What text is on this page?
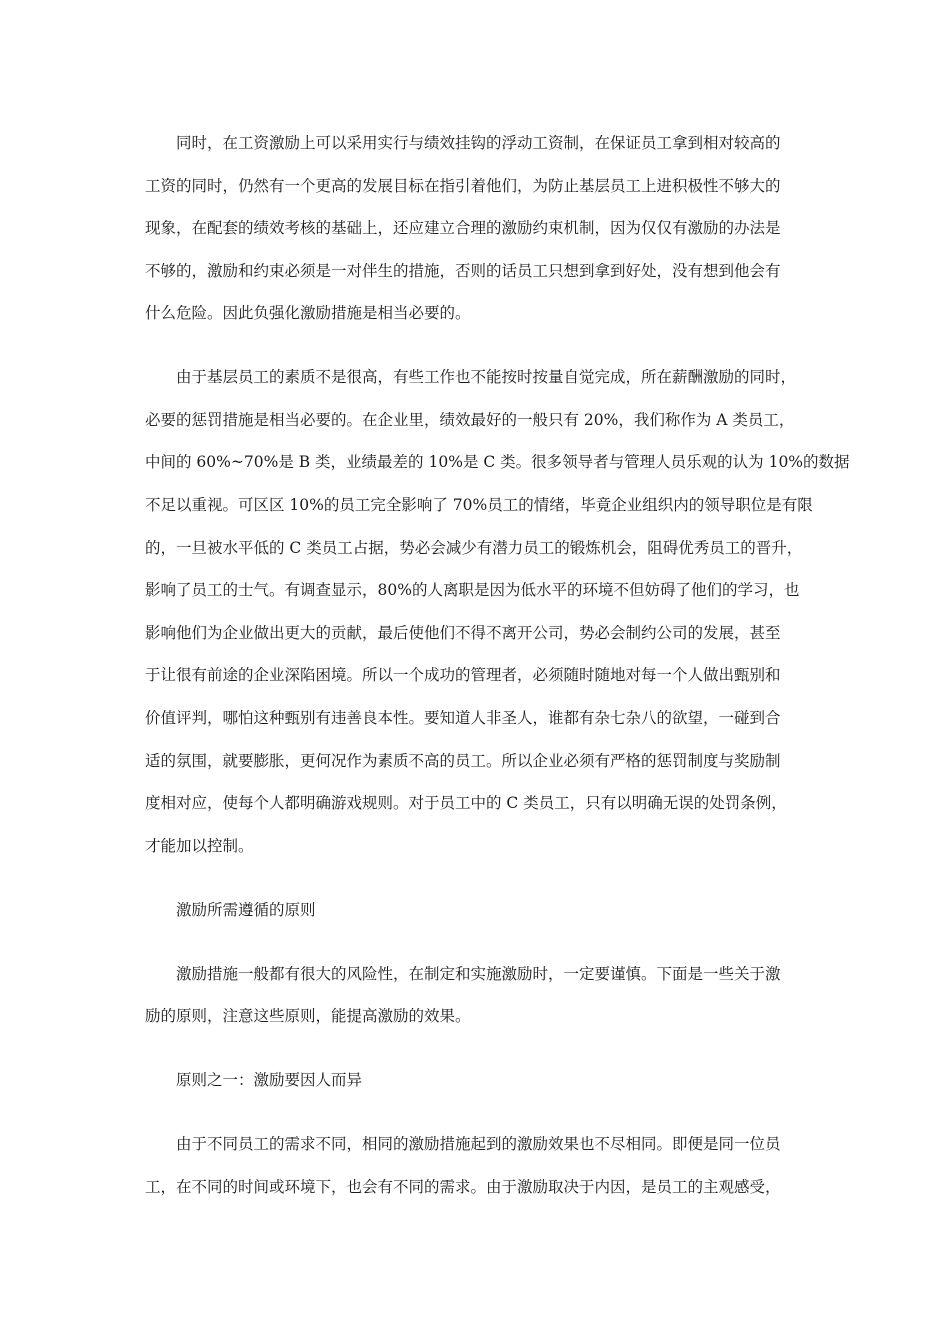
同时，在工资激励上可以采用实行与绩效挂钩的浮动工资制，在保证员工拿到相对较高的
工资的同时，仍然有一个更高的发展目标在指引着他们，为防止基层员工上进积极性不够大的
现象，在配套的绩效考核的基础上，还应建立合理的激励约束机制，因为仅仅有激励的办法是
不够的，激励和约束必须是一对伴生的措施，否则的话员工只想到拿到好处，没有想到他会有
什么危险。因此负强化激励措施是相当必要的。
由于基层员工的素质不是很高，有些工作也不能按时按量自觉完成，所在薪酬激励的同时，
必要的惩罚措施是相当必要的。在企业里，绩效最好的一般只有 20%，我们称作为 A 类员工，
中间的 60%~70%是 B 类，业绩最差的 10%是 C 类。很多领导者与管理人员乐观的认为 10%的数据
不足以重视。可区区 10%的员工完全影响了 70%员工的情绪，毕竟企业组织内的领导职位是有限
的，一旦被水平低的 C 类员工占据，势必会减少有潜力员工的锻炼机会，阻碍优秀员工的晋升，
影响了员工的士气。有调查显示，80%的人离职是因为低水平的环境不但妨碍了他们的学习，也
影响他们为企业做出更大的贡献，最后使他们不得不离开公司，势必会制约公司的发展，甚至
于让很有前途的企业深陷困境。所以一个成功的管理者，必须随时随地对每一个人做出甄别和
价值评判，哪怕这种甄别有违善良本性。要知道人非圣人，谁都有杂七杂八的欲望，一碰到合
适的氛围，就要膨胀，更何况作为素质不高的员工。所以企业必须有严格的惩罚制度与奖励制
度相对应，使每个人都明确游戏规则。对于员工中的 C 类员工，只有以明确无误的处罚条例，
才能加以控制。
激励所需遵循的原则
激励措施一般都有很大的风险性，在制定和实施激励时，一定要谨慎。下面是一些关于激
励的原则，注意这些原则，能提高激励的效果。
原则之一：激励要因人而异
由于不同员工的需求不同，相同的激励措施起到的激励效果也不尽相同。即便是同一位员
工，在不同的时间或环境下，也会有不同的需求。由于激励取决于内因，是员工的主观感受，
